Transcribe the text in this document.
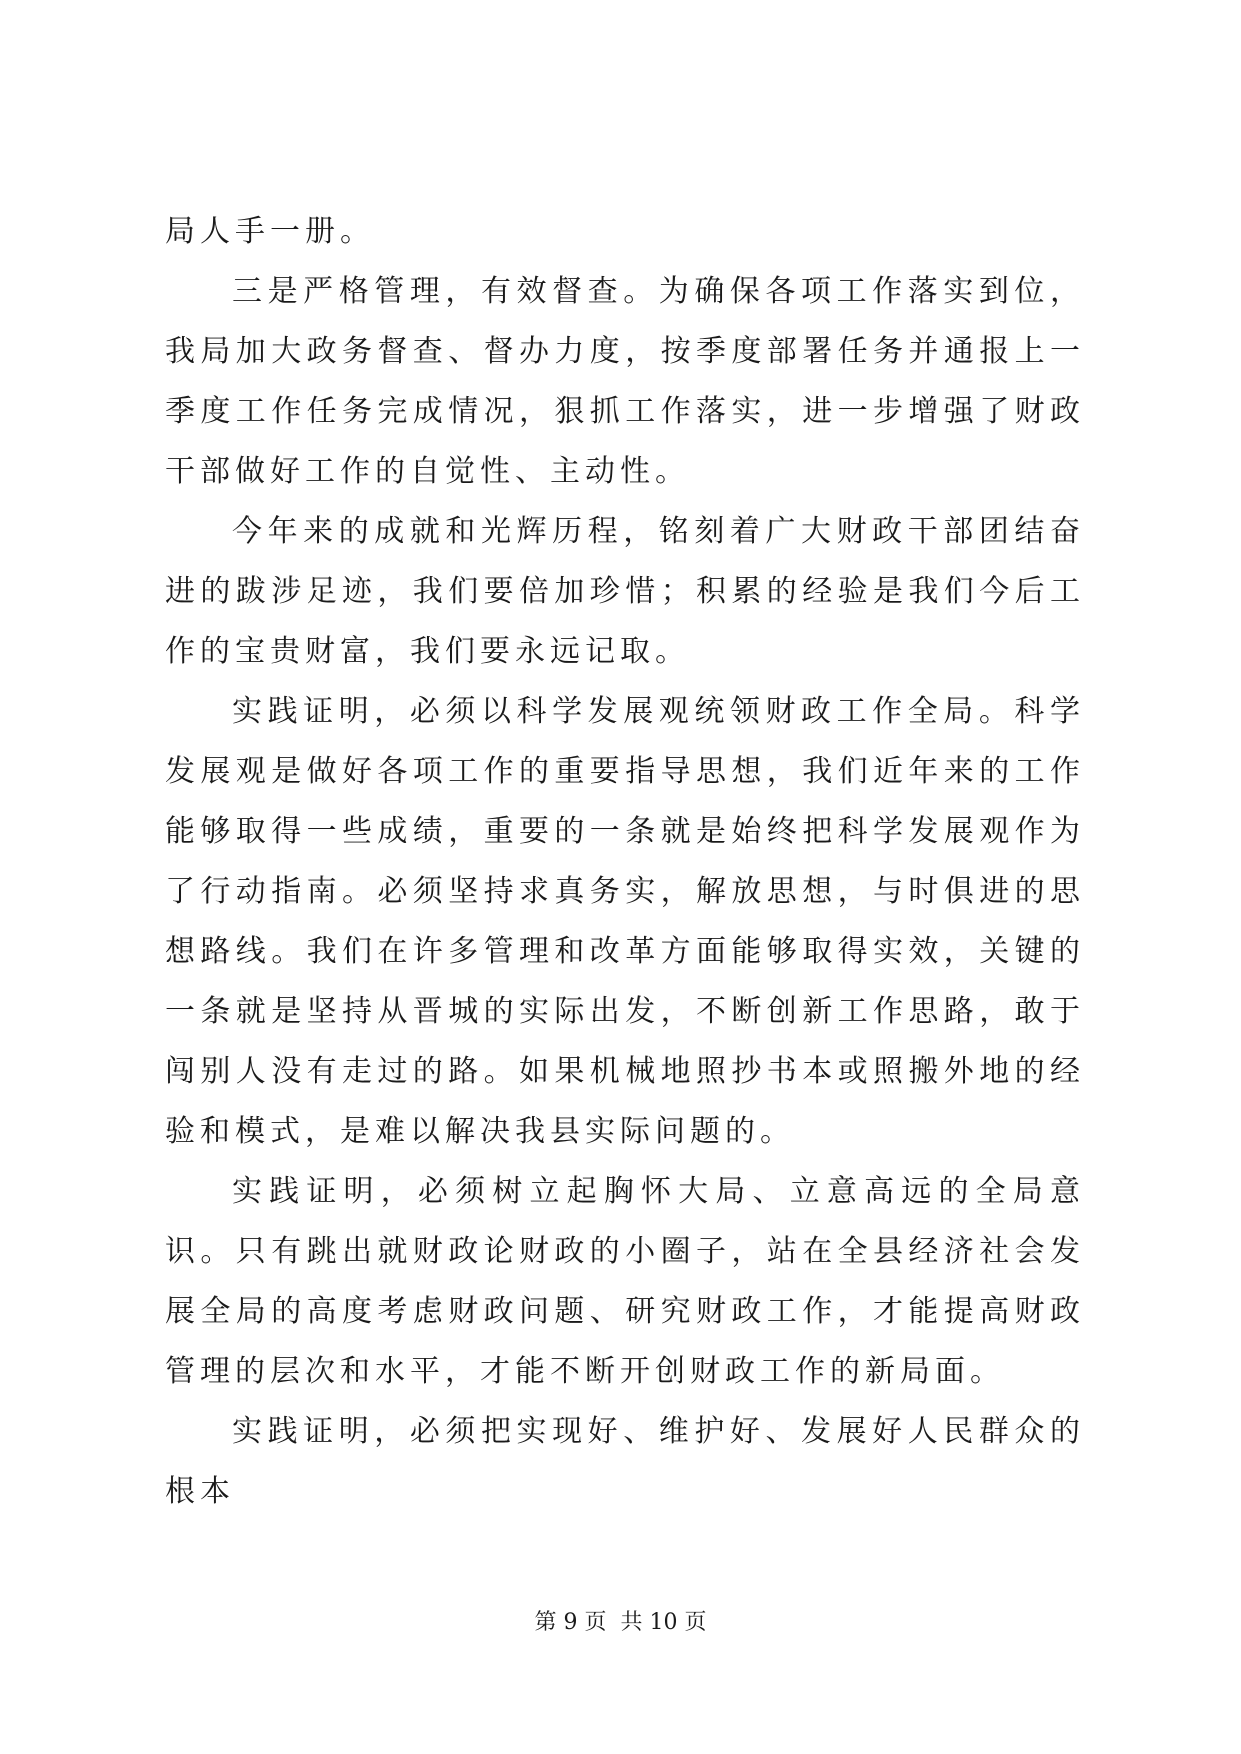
局人手一册。

三是严格管理，有效督查。为确保各项工作落实到位，我局加大政务督查、督办力度，按季度部署任务并通报上一季度工作任务完成情况，狠抓工作落实，进一步增强了财政干部做好工作的自觉性、主动性。

今年来的成就和光辉历程，铭刻着广大财政干部团结奋进的跋涉足迹，我们要倍加珍惜；积累的经验是我们今后工作的宝贵财富，我们要永远记取。

实践证明，必须以科学发展观统领财政工作全局。科学发展观是做好各项工作的重要指导思想，我们近年来的工作能够取得一些成绩，重要的一条就是始终把科学发展观作为了行动指南。必须坚持求真务实，解放思想，与时俱进的思想路线。我们在许多管理和改革方面能够取得实效，关键的一条就是坚持从晋城的实际出发，不断创新工作思路，敢于闯别人没有走过的路。如果机械地照抄书本或照搬外地的经验和模式，是难以解决我县实际问题的。

实践证明，必须树立起胸怀大局、立意高远的全局意识。只有跳出就财政论财政的小圈子，站在全县经济社会发展全局的高度考虑财政问题、研究财政工作，才能提高财政管理的层次和水平，才能不断开创财政工作的新局面。

实践证明，必须把实现好、维护好、发展好人民群众的根本

第 9 页  共 10 页
